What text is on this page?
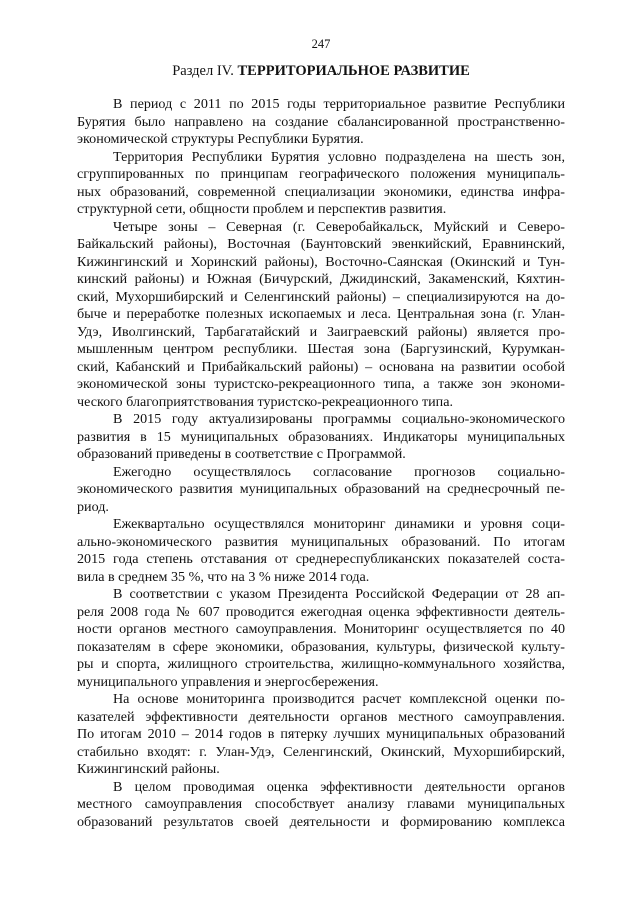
247
Раздел IV. ТЕРРИТОРИАЛЬНОЕ РАЗВИТИЕ

В период с 2011 по 2015 годы территориальное развитие Республики

Бурятия было направлено на создание сбалансированной пространственно-

экономической структуры Республики Бурятия.

Территория Республики Бурятия условно подразделена на шесть зон,

сгруппированных по принципам географического положения муниципаль-

ных образований, современной специализации экономики, единства инфра-

структурной сети, общности проблем и перспектив развития.

Четыре зоны – Северная (г. Северобайкальск, Муйский и Северо-

Байкальский районы), Восточная (Баунтовский эвенкийский, Еравнинский,

Кижингинский и Хоринский районы), Восточно-Саянская (Окинский и Тун-

кинский районы) и Южная (Бичурский, Джидинский, Закаменский, Кяхтин-

ский, Мухоршибирский и Селенгинский районы) – специализируются на до-

быче и переработке полезных ископаемых и леса. Центральная зона (г. Улан-

Удэ, Иволгинский, Тарбагатайский и Заиграевский районы) является про-

мышленным центром республики. Шестая зона (Баргузинский, Курумкан-

ский, Кабанский и Прибайкальский районы) – основана на развитии особой

экономической зоны туристско-рекреационного типа, а также зон экономи-

ческого благоприятствования туристско-рекреационного типа.

В 2015 году актуализированы программы социально-экономического

развития в 15 муниципальных образованиях. Индикаторы муниципальных

образований приведены в соответствие с Программой.

Ежегодно осуществлялось согласование прогнозов социально-

экономического развития муниципальных образований на среднесрочный пе-

риод.

Ежеквартально осуществлялся мониторинг динамики и уровня соци-

ально-экономического развития муниципальных образований. По итогам

2015 года степень отставания от среднереспубликанских показателей соста-

вила в среднем 35 %, что на 3 % ниже 2014 года.

В соответствии с указом Президента Российской Федерации от 28 ап-

реля 2008 года № 607 проводится ежегодная оценка эффективности деятель-

ности органов местного самоуправления. Мониторинг осуществляется по 40

показателям в сфере экономики, образования, культуры, физической культу-

ры и спорта, жилищного строительства, жилищно-коммунального хозяйства,

муниципального управления и энергосбережения.

На основе мониторинга производится расчет комплексной оценки по-

казателей эффективности деятельности органов местного самоуправления.

По итогам 2010 – 2014 годов в пятерку лучших муниципальных образований

стабильно входят: г. Улан-Удэ, Селенгинский, Окинский, Мухоршибирский,

Кижингинский районы.

В целом проводимая оценка эффективности деятельности органов

местного самоуправления способствует анализу главами муниципальных

образований результатов своей деятельности и формированию комплекса
